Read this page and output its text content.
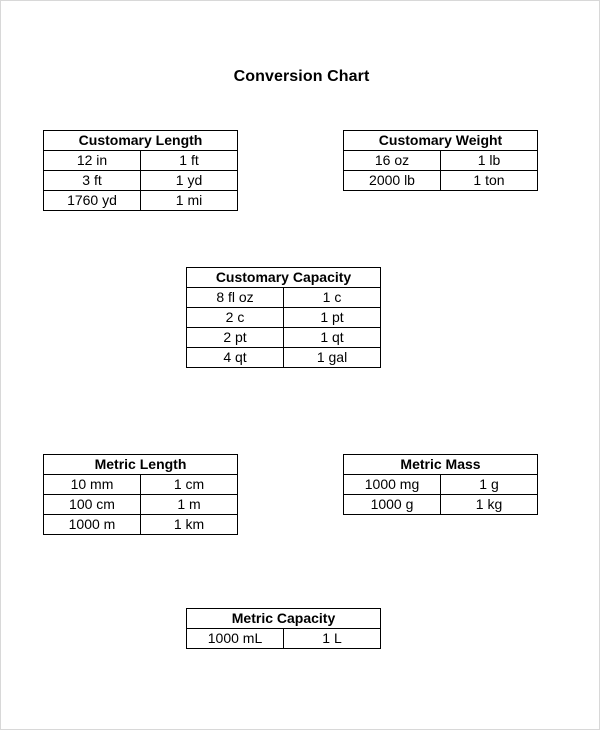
Conversion Chart
Customary Length	
12 in	1 ft
3 ft	1 yd
1760 yd	1 mi
Customary Weight	
16 oz	1 lb
2000 lb	1 ton
Customary Capacity	
8 fl oz	1 c
2 c	1 pt
2 pt	1 qt
4 qt	1 gal
Metric Length	
10 mm	1 cm
100 cm	1 m
1000 m	1 km
Metric Mass	
1000 mg	1 g
1000 g	1 kg
Metric Capacity
1000 mL	1 L
